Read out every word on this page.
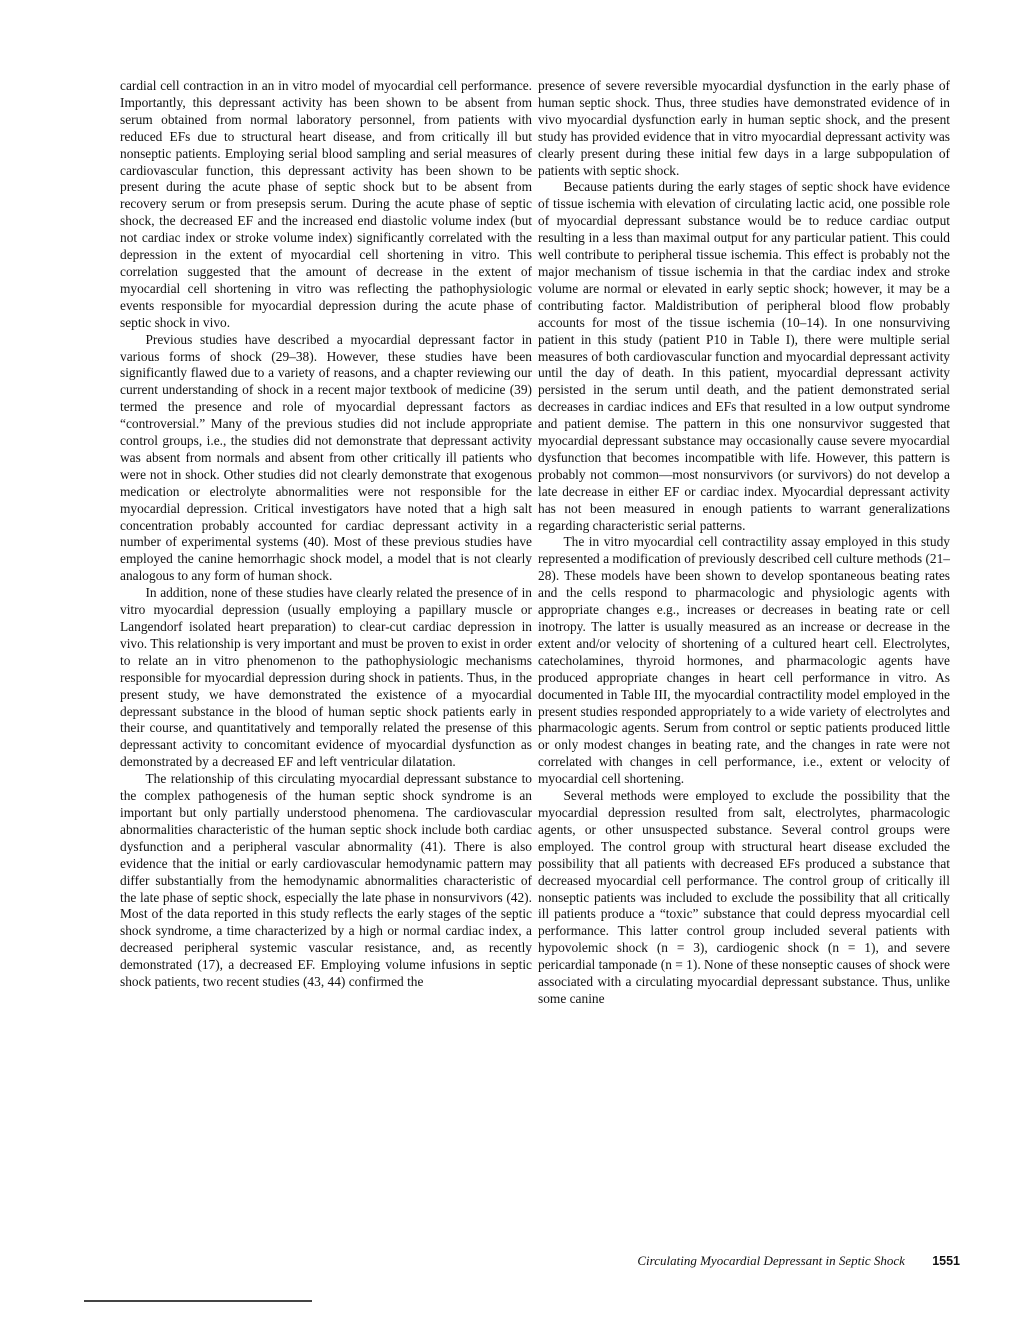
cardial cell contraction in an in vitro model of myocardial cell performance. Importantly, this depressant activity has been shown to be absent from serum obtained from normal laboratory personnel, from patients with reduced EFs due to structural heart disease, and from critically ill but nonseptic patients. Employing serial blood sampling and serial measures of cardiovascular function, this depressant activity has been shown to be present during the acute phase of septic shock but to be absent from recovery serum or from presepsis serum. During the acute phase of septic shock, the decreased EF and the increased end diastolic volume index (but not cardiac index or stroke volume index) significantly correlated with the depression in the extent of myocardial cell shortening in vitro. This correlation suggested that the amount of decrease in the extent of myocardial cell shortening in vitro was reflecting the pathophysiologic events responsible for myocardial depression during the acute phase of septic shock in vivo.

Previous studies have described a myocardial depressant factor in various forms of shock (29–38). However, these studies have been significantly flawed due to a variety of reasons, and a chapter reviewing our current understanding of shock in a recent major textbook of medicine (39) termed the presence and role of myocardial depressant factors as “controversial.” Many of the previous studies did not include appropriate control groups, i.e., the studies did not demonstrate that depressant activity was absent from normals and absent from other critically ill patients who were not in shock. Other studies did not clearly demonstrate that exogenous medication or electrolyte abnormalities were not responsible for the myocardial depression. Critical investigators have noted that a high salt concentration probably accounted for cardiac depressant activity in a number of experimental systems (40). Most of these previous studies have employed the canine hemorrhagic shock model, a model that is not clearly analogous to any form of human shock.

In addition, none of these studies have clearly related the presence of in vitro myocardial depression (usually employing a papillary muscle or Langendorf isolated heart preparation) to clear-cut cardiac depression in vivo. This relationship is very important and must be proven to exist in order to relate an in vitro phenomenon to the pathophysiologic mechanisms responsible for myocardial depression during shock in patients. Thus, in the present study, we have demonstrated the existence of a myocardial depressant substance in the blood of human septic shock patients early in their course, and quantitatively and temporally related the presense of this depressant activity to concomitant evidence of myocardial dysfunction as demonstrated by a decreased EF and left ventricular dilatation.

The relationship of this circulating myocardial depressant substance to the complex pathogenesis of the human septic shock syndrome is an important but only partially understood phenomena. The cardiovascular abnormalities characteristic of the human septic shock include both cardiac dysfunction and a peripheral vascular abnormality (41). There is also evidence that the initial or early cardiovascular hemodynamic pattern may differ substantially from the hemodynamic abnormalities characteristic of the late phase of septic shock, especially the late phase in nonsurvivors (42). Most of the data reported in this study reflects the early stages of the septic shock syndrome, a time characterized by a high or normal cardiac index, a decreased peripheral systemic vascular resistance, and, as recently demonstrated (17), a decreased EF. Employing volume infusions in septic shock patients, two recent studies (43, 44) confirmed the

presence of severe reversible myocardial dysfunction in the early phase of human septic shock. Thus, three studies have demonstrated evidence of in vivo myocardial dysfunction early in human septic shock, and the present study has provided evidence that in vitro myocardial depressant activity was clearly present during these initial few days in a large subpopulation of patients with septic shock.

Because patients during the early stages of septic shock have evidence of tissue ischemia with elevation of circulating lactic acid, one possible role of myocardial depressant substance would be to reduce cardiac output resulting in a less than maximal output for any particular patient. This could well contribute to peripheral tissue ischemia. This effect is probably not the major mechanism of tissue ischemia in that the cardiac index and stroke volume are normal or elevated in early septic shock; however, it may be a contributing factor. Maldistribution of peripheral blood flow probably accounts for most of the tissue ischemia (10–14). In one nonsurviving patient in this study (patient P10 in Table I), there were multiple serial measures of both cardiovascular function and myocardial depressant activity until the day of death. In this patient, myocardial depressant activity persisted in the serum until death, and the patient demonstrated serial decreases in cardiac indices and EFs that resulted in a low output syndrome and patient demise. The pattern in this one nonsurvivor suggested that myocardial depressant substance may occasionally cause severe myocardial dysfunction that becomes incompatible with life. However, this pattern is probably not common—most nonsurvivors (or survivors) do not develop a late decrease in either EF or cardiac index. Myocardial depressant activity has not been measured in enough patients to warrant generalizations regarding characteristic serial patterns.

The in vitro myocardial cell contractility assay employed in this study represented a modification of previously described cell culture methods (21–28). These models have been shown to develop spontaneous beating rates and the cells respond to pharmacologic and physiologic agents with appropriate changes e.g., increases or decreases in beating rate or cell inotropy. The latter is usually measured as an increase or decrease in the extent and/or velocity of shortening of a cultured heart cell. Electrolytes, catecholamines, thyroid hormones, and pharmacologic agents have produced appropriate changes in heart cell performance in vitro. As documented in Table III, the myocardial contractility model employed in the present studies responded appropriately to a wide variety of electrolytes and pharmacologic agents. Serum from control or septic patients produced little or only modest changes in beating rate, and the changes in rate were not correlated with changes in cell performance, i.e., extent or velocity of myocardial cell shortening.

Several methods were employed to exclude the possibility that the myocardial depression resulted from salt, electrolytes, pharmacologic agents, or other unsuspected substance. Several control groups were employed. The control group with structural heart disease excluded the possibility that all patients with decreased EFs produced a substance that decreased myocardial cell performance. The control group of critically ill nonseptic patients was included to exclude the possibility that all critically ill patients produce a “toxic” substance that could depress myocardial cell performance. This latter control group included several patients with hypovolemic shock (n = 3), cardiogenic shock (n = 1), and severe pericardial tamponade (n = 1). None of these nonseptic causes of shock were associated with a circulating myocardial depressant substance. Thus, unlike some canine

Circulating Myocardial Depressant in Septic Shock 1551
